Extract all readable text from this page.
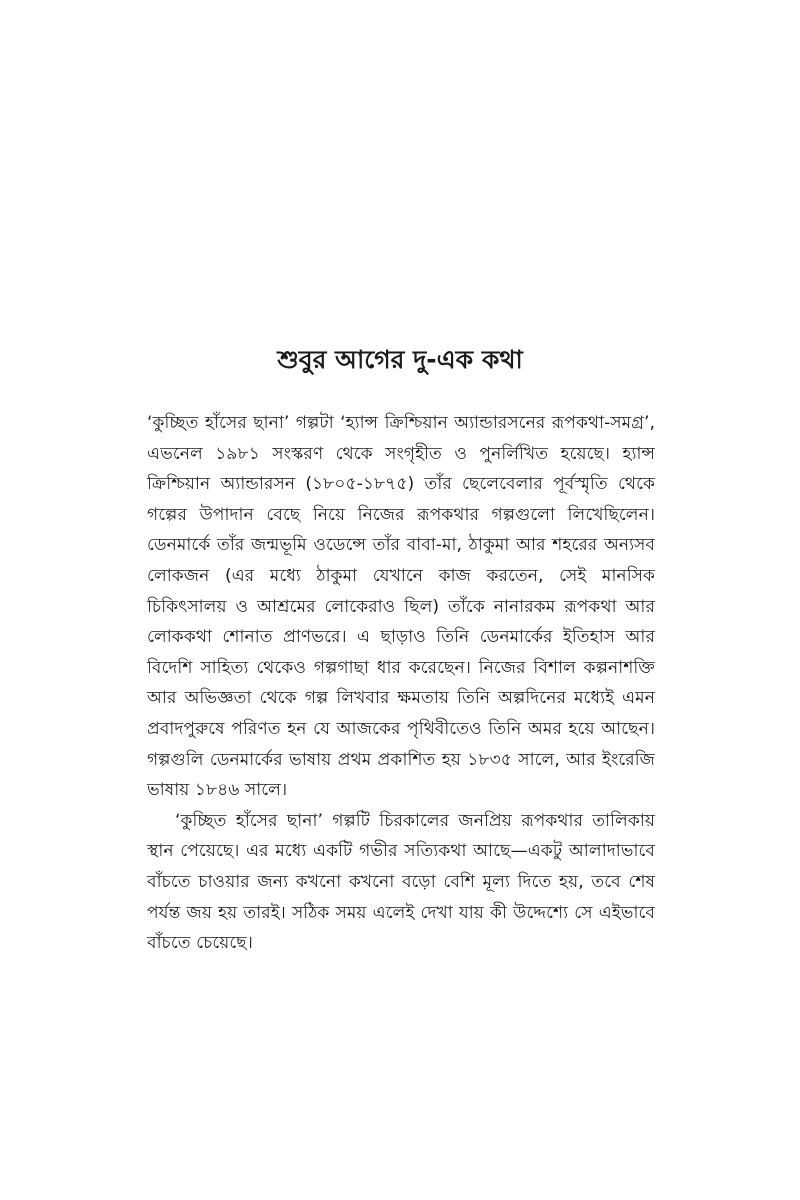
শুবুর আগের দু-এক কথা

‘কুচ্ছিত হাঁসের ছানা’ গল্পটা ‘হ্যান্স ক্রিশ্চিয়ান অ্যান্ডারসনের রূপকথা-সমগ্র’, এভনেল ১৯৮১ সংস্করণ থেকে সংগৃহীত ও পুনর্লিখিত হয়েছে। হ্যান্স ক্রিশ্চিয়ান অ্যান্ডারসন (১৮০৫-১৮৭৫) তাঁর ছেলেবেলার পূর্বস্মৃতি থেকে গল্পের উপাদান বেছে নিয়ে নিজের রূপকথার গল্পগুলো লিখেছিলেন। ডেনমার্কে তাঁর জন্মভূমি ওডেন্সে তাঁর বাবা-মা, ঠাকুমা আর শহরের অন্যসব লোকজন (এর মধ্যে ঠাকুমা যেখানে কাজ করতেন, সেই মানসিক চিকিৎসালয় ও আশ্রমের লোকেরাও ছিল) তাঁকে নানারকম রূপকথা আর লোককথা শোনাত প্রাণভরে। এ ছাড়াও তিনি ডেনমার্কের ইতিহাস আর বিদেশি সাহিত্য থেকেও গল্পগাছা ধার করেছেন। নিজের বিশাল কল্পনাশক্তি আর অভিজ্ঞতা থেকে গল্প লিখবার ক্ষমতায় তিনি অল্পদিনের মধ্যেই এমন প্রবাদপুরুষে পরিণত হন যে আজকের পৃথিবীতেও তিনি অমর হয়ে আছেন। গল্পগুলি ডেনমার্কের ভাষায় প্রথম প্রকাশিত হয় ১৮৩৫ সালে, আর ইংরেজি ভাষায় ১৮৪৬ সালে।

‘কুচ্ছিত হাঁসের ছানা’ গল্পটি চিরকালের জনপ্রিয় রূপকথার তালিকায় স্থান পেয়েছে। এর মধ্যে একটি গভীর সত্যিকথা আছে—একটু আলাদাভাবে বাঁচতে চাওয়ার জন্য কখনো কখনো বড়ো বেশি মূল্য দিতে হয়, তবে শেষ পর্যন্ত জয় হয় তারই। সঠিক সময় এলেই দেখা যায় কী উদ্দেশ্যে সে এইভাবে বাঁচতে চেয়েছে।
